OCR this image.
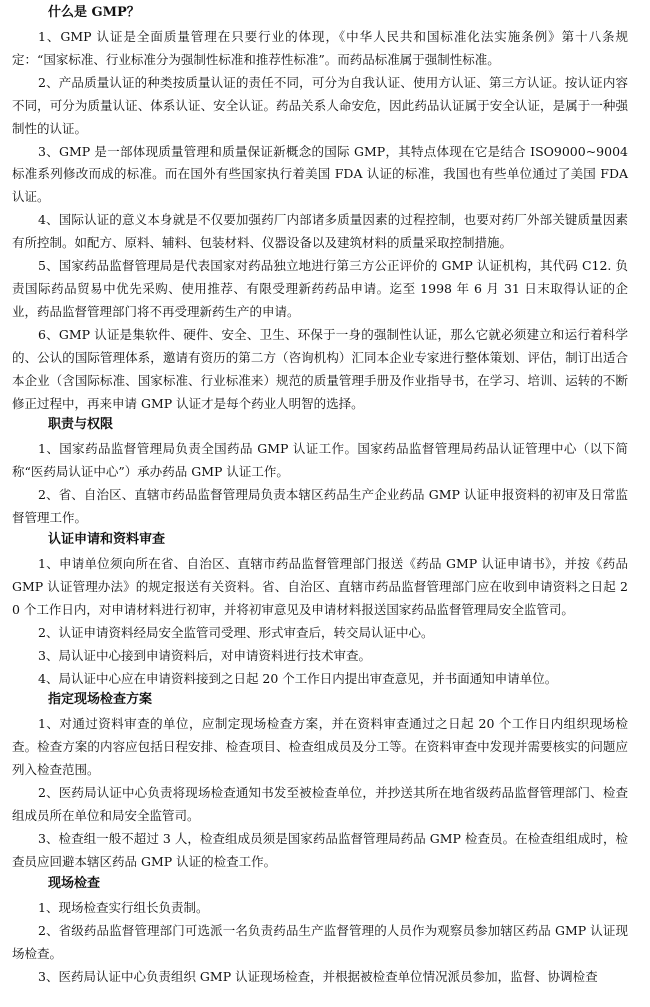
什么是 GMP？

1、GMP 认证是全面质量管理在只要行业的体现，《中华人民共和国标准化法实施条例》第十八条规定：“国家标准、行业标准分为强制性标准和推荐性标准”。而药品标准属于强制性标准。

2、产品质量认证的种类按质量认证的责任不同，可分为自我认证、使用方认证、第三方认证。按认证内容不同，可分为质量认证、体系认证、安全认证。药品关系人命安危，因此药品认证属于安全认证，是属于一种强制性的认证。

3、GMP 是一部体现质量管理和质量保证新概念的国际 GMP，其特点体现在它是结合 ISO9000~9004 标准系列修改而成的标准。而在国外有些国家执行着美国 FDA 认证的标准，我国也有些单位通过了美国 FDA 认证。

4、国际认证的意义本身就是不仅要加强药厂内部诸多质量因素的过程控制，也要对药厂外部关键质量因素有所控制。如配方、原料、辅料、包装材料、仪器设备以及建筑材料的质量采取控制措施。

5、国家药品监督管理局是代表国家对药品独立地进行第三方公正评价的 GMP 认证机构，其代码 C12. 负责国际药品贸易中优先采购、使用推荐、有限受理新药药品申请。迄至 1998 年 6 月 31 日末取得认证的企业，药品监督管理部门将不再受理新药生产的申请。

6、GMP 认证是集软件、硬件、安全、卫生、环保于一身的强制性认证，那么它就必须建立和运行着科学的、公认的国际管理体系，邀请有资历的第二方（咨询机构）汇同本企业专家进行整体策划、评估，制订出适合本企业（含国际标准、国家标准、行业标准来）规范的质量管理手册及作业指导书，在学习、培训、运转的不断修正过程中，再来申请 GMP 认证才是每个药业人明智的选择。

职责与权限

1、国家药品监督管理局负责全国药品 GMP 认证工作。国家药品监督管理局药品认证管理中心（以下简称“医药局认证中心”）承办药品 GMP 认证工作。

2、省、自治区、直辖市药品监督管理局负责本辖区药品生产企业药品 GMP 认证申报资料的初审及日常监督管理工作。

认证申请和资料审查

1、申请单位须向所在省、自治区、直辖市药品监督管理部门报送《药品 GMP 认证申请书》，并按《药品 GMP 认证管理办法》的规定报送有关资料。省、自治区、直辖市药品监督管理部门应在收到申请资料之日起 20 个工作日内，对申请材料进行初审，并将初审意见及申请材料报送国家药品监督管理局安全监管司。

2、认证申请资料经局安全监管司受理、形式审查后，转交局认证中心。

3、局认证中心接到申请资料后，对申请资料进行技术审查。

4、局认证中心应在申请资料接到之日起 20 个工作日内提出审查意见，并书面通知申请单位。

指定现场检查方案

1、对通过资料审查的单位，应制定现场检查方案，并在资料审查通过之日起 20 个工作日内组织现场检查。检查方案的内容应包括日程安排、检查项目、检查组成员及分工等。在资料审查中发现并需要核实的问题应列入检查范围。

2、医药局认证中心负责将现场检查通知书发至被检查单位，并抄送其所在地省级药品监督管理部门、检查组成员所在单位和局安全监管司。

3、检查组一般不超过 3 人，检查组成员须是国家药品监督管理局药品 GMP 检查员。在检查组组成时，检查员应回避本辖区药品 GMP 认证的检查工作。

现场检查

1、现场检查实行组长负责制。

2、省级药品监督管理部门可选派一名负责药品生产监督管理的人员作为观察员参加辖区药品 GMP 认证现场检查。

3、医药局认证中心负责组织 GMP 认证现场检查，并根据被检查单位情况派员参加，监督、协调检查
